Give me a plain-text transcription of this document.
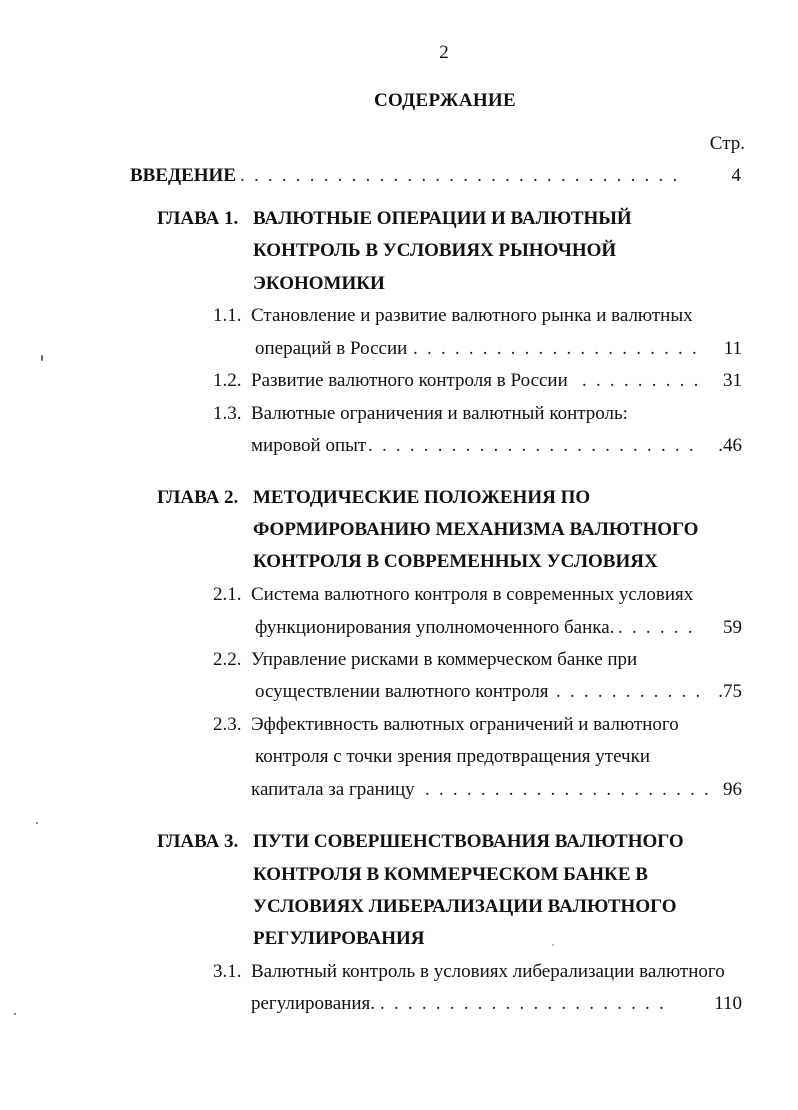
2
СОДЕРЖАНИЕ
Стр.
ВВЕДЕНИЕ ................................ 4
ГЛАВА 1. ВАЛЮТНЫЕ ОПЕРАЦИИ И ВАЛЮТНЫЙ
КОНТРОЛЬ В УСЛОВИЯХ РЫНОЧНОЙ
ЭКОНОМИКИ
1.1. Становление и развитие валютного рынка и валютных
операций в России ..................... 11
1.2. Развитие валютного контроля в России ......... 31
1.3. Валютные ограничения и валютный контроль:
мировой опыт ........................ .46
ГЛАВА 2. МЕТОДИЧЕСКИЕ ПОЛОЖЕНИЯ ПО
ФОРМИРОВАНИЮ МЕХАНИЗМА ВАЛЮТНОГО
КОНТРОЛЯ В СОВРЕМЕННЫХ УСЛОВИЯХ
2.1. Система валютного контроля в современных условиях
функционирования уполномоченного банка. ...... 59
2.2. Управление рисками в коммерческом банке при
осуществлении валютного контроля ........... .75
2.3. Эффективность валютных ограничений и валютного
контроля с точки зрения предотвращения утечки
капитала за границу ..................... 96
ГЛАВА 3. ПУТИ СОВЕРШЕНСТВОВАНИЯ ВАЛЮТНОГО
КОНТРОЛЯ В КОММЕРЧЕСКОМ БАНКЕ В
УСЛОВИЯХ ЛИБЕРАЛИЗАЦИИ ВАЛЮТНОГО
РЕГУЛИРОВАНИЯ
3.1. Валютный контроль в условиях либерализации валютного
регулирования. ..................... 110
